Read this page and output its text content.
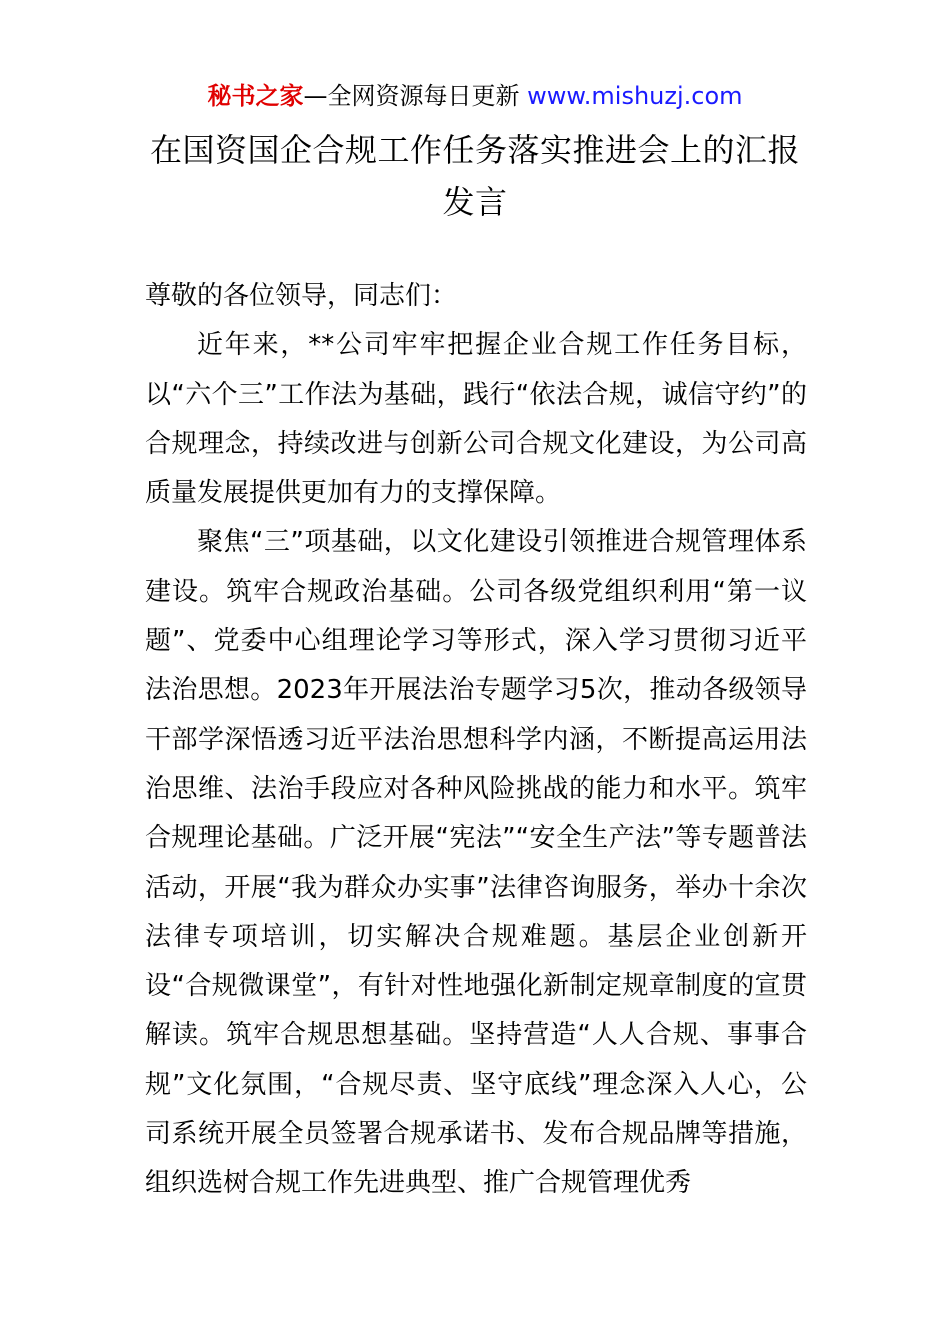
秘书之家—全网资源每日更新 www.mishuzj.com
在国资国企合规工作任务落实推进会上的汇报发言

尊敬的各位领导，同志们：

近年来，**公司牢牢把握企业合规工作任务目标，以“六个三”工作法为基础，践行“依法合规，诚信守约”的合规理念，持续改进与创新公司合规文化建设，为公司高质量发展提供更加有力的支撑保障。

聚焦“三”项基础，以文化建设引领推进合规管理体系建设。筑牢合规政治基础。公司各级党组织利用“第一议题”、党委中心组理论学习等形式，深入学习贯彻习近平法治思想。2023年开展法治专题学习5次，推动各级领导干部学深悟透习近平法治思想科学内涵，不断提高运用法治思维、法治手段应对各种风险挑战的能力和水平。筑牢合规理论基础。广泛开展“宪法”“安全生产法”等专题普法活动，开展“我为群众办实事”法律咨询服务，举办十余次法律专项培训，切实解决合规难题。基层企业创新开设“合规微课堂”，有针对性地强化新制定规章制度的宣贯解读。筑牢合规思想基础。坚持营造“人人合规、事事合规”文化氛围，“合规尽责、坚守底线”理念深入人心，公司系统开展全员签署合规承诺书、发布合规品牌等措施，组织选树合规工作先进典型、推广合规管理优秀
